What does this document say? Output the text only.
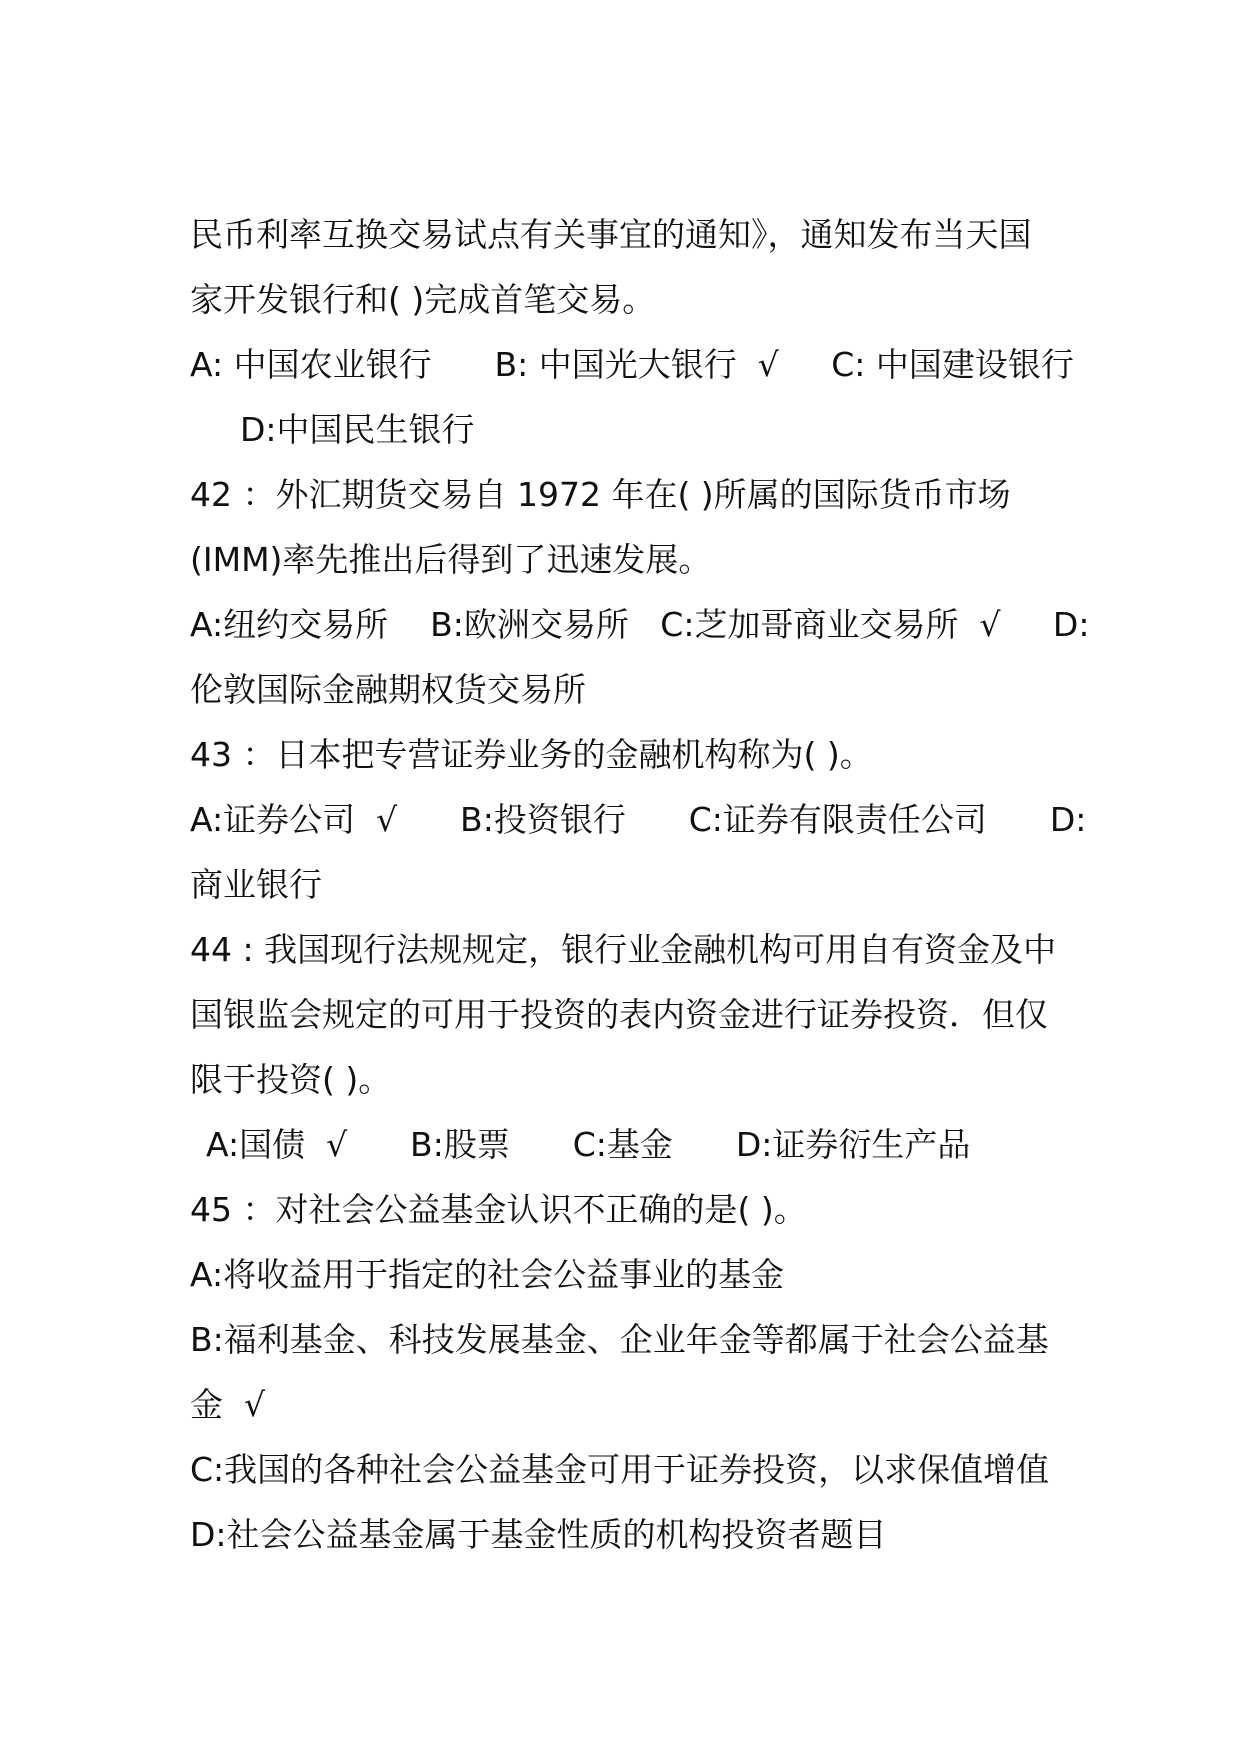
民币利率互换交易试点有关事宜的通知》，通知发布当天国
家开发银行和( )完成首笔交易。
A: 中国农业银行      B: 中国光大银行  √     C: 中国建设银行
D:中国民生银行
42 ：外汇期货交易自 1972 年在( )所属的国际货币市场
(IMM)率先推出后得到了迅速发展。
A:纽约交易所    B:欧洲交易所   C:芝加哥商业交易所  √     D:
伦敦国际金融期权货交易所
43 ：日本把专营证券业务的金融机构称为( )。
A:证券公司  √      B:投资银行      C:证券有限责任公司      D:
商业银行
44 : 我国现行法规规定，银行业金融机构可用自有资金及中
国银监会规定的可用于投资的表内资金进行证券投资．但仅
限于投资( )。
A:国债  √      B:股票      C:基金      D:证券衍生产品
45 ：对社会公益基金认识不正确的是( )。
A:将收益用于指定的社会公益事业的基金
B:福利基金、科技发展基金、企业年金等都属于社会公益基
金  √
C:我国的各种社会公益基金可用于证券投资，以求保值增值
D:社会公益基金属于基金性质的机构投资者题目
